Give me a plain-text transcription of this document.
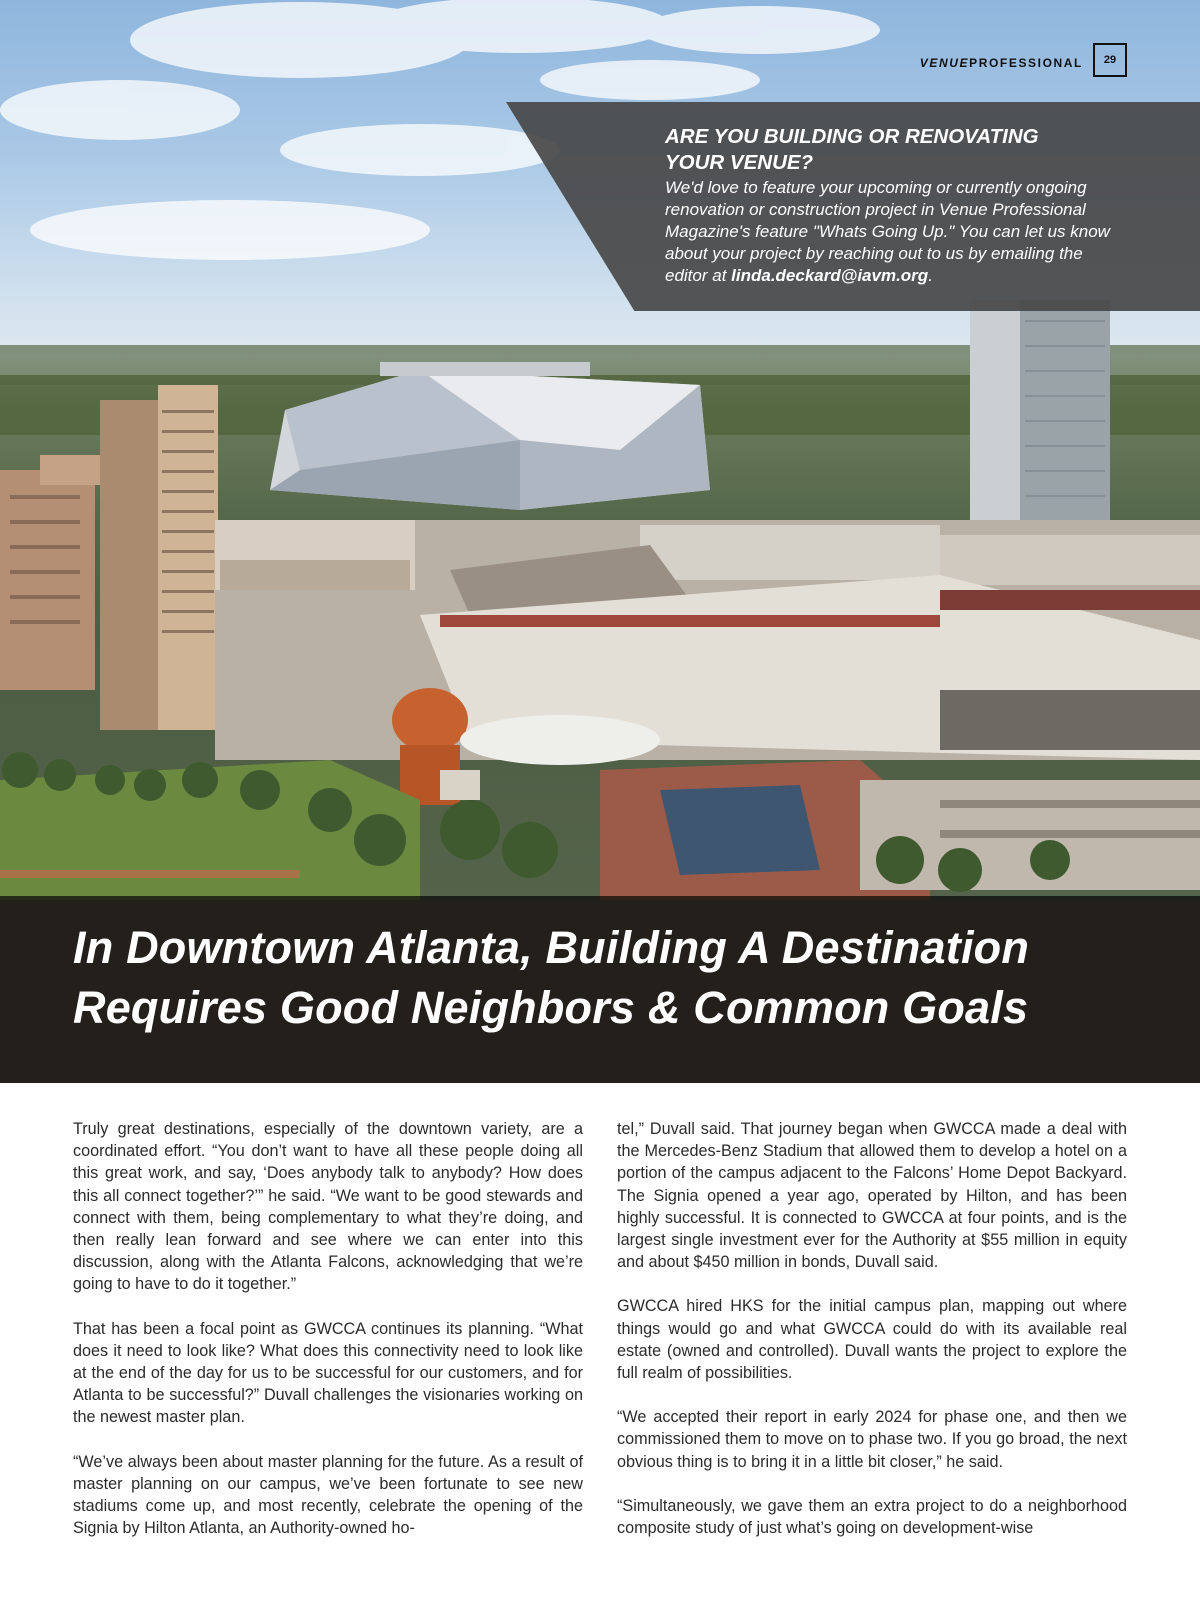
VENUE PROFESSIONAL	29

ARE YOU BUILDING OR RENOVATING
YOUR VENUE?

We'd love to feature your upcoming or currently ongoing renovation or construction project in Venue Professional Magazine's feature "Whats Going Up." You can let us know about your project by reaching out to us by emailing the editor at linda.deckard@iavm.org.

In Downtown Atlanta, Building A Destination
Requires Good Neighbors & Common Goals

Truly great destinations, especially of the downtown variety, are a coordinated effort. “You don’t want to have all these people doing all this great work, and say, ‘Does anybody talk to anybody? How does this all connect together?’” he said. “We want to be good stewards and connect with them, being complementary to what they’re doing, and then really lean forward and see where we can enter into this discussion, along with the Atlanta Falcons, acknowledging that we’re going to have to do it together.”

That has been a focal point as GWCCA continues its planning. “What does it need to look like? What does this connectivity need to look like at the end of the day for us to be successful for our customers, and for Atlanta to be successful?” Duvall challenges the visionaries working on the newest master plan.

“We’ve always been about master planning for the future. As a result of master planning on our campus, we’ve been fortunate to see new stadiums come up, and most recently, celebrate the opening of the Signia by Hilton Atlanta, an Authority-owned ho-

tel,” Duvall said. That journey began when GWCCA made a deal with the Mercedes-Benz Stadium that allowed them to develop a hotel on a portion of the campus adjacent to the Falcons’ Home Depot Backyard. The Signia opened a year ago, operated by Hilton, and has been highly successful. It is connected to GWCCA at four points, and is the largest single investment ever for the Authority at $55 million in equity and about $450 million in bonds, Duvall said.

GWCCA hired HKS for the initial campus plan, mapping out where things would go and what GWCCA could do with its available real estate (owned and controlled). Duvall wants the project to explore the full realm of possibilities.

“We accepted their report in early 2024 for phase one, and then we commissioned them to move on to phase two. If you go broad, the next obvious thing is to bring it in a little bit closer,” he said.

“Simultaneously, we gave them an extra project to do a neighborhood composite study of just what’s going on development-wise
